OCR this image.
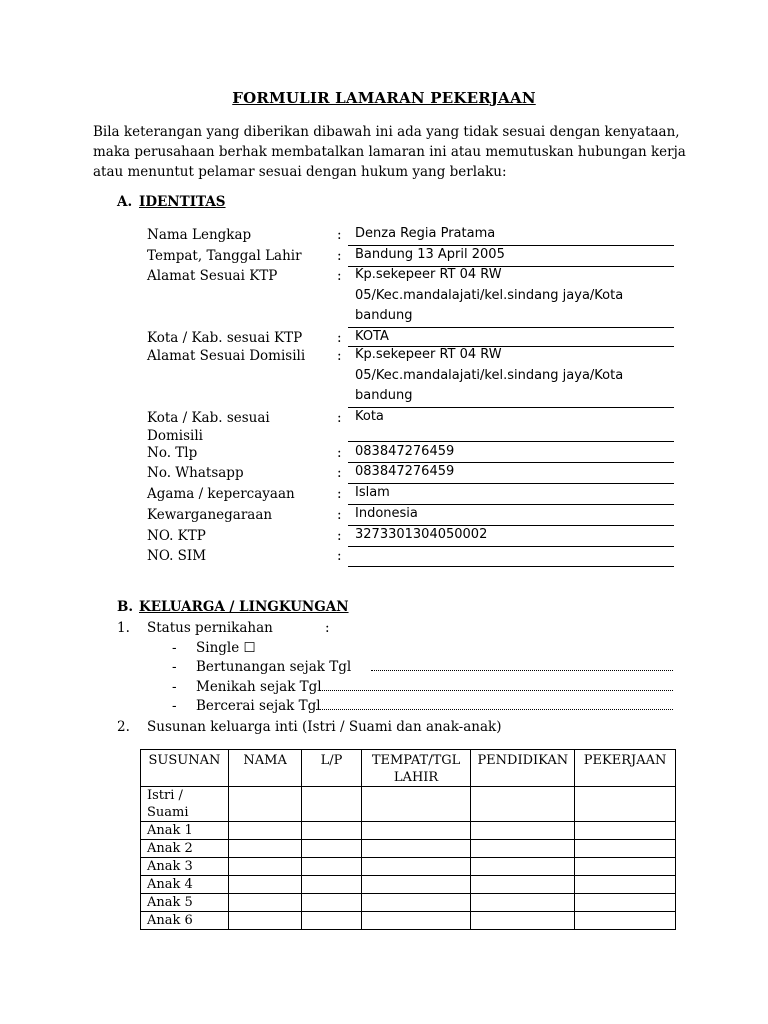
FORMULIR LAMARAN PEKERJAAN
Bila keterangan yang diberikan dibawah ini ada yang tidak sesuai dengan kenyataan,
maka perusahaan berhak membatalkan lamaran ini atau memutuskan hubungan kerja
atau menuntut pelamar sesuai dengan hukum yang berlaku:
A. IDENTITAS
Nama Lengkap	:	Denza Regia Pratama
Tempat, Tanggal Lahir	:	Bandung 13 April 2005
Alamat Sesuai KTP	:	Kp.sekepeer RT 04 RW
05/Kec.mandalajati/kel.sindang jaya/Kota
bandung
Kota / Kab. sesuai KTP	:	KOTA
Alamat Sesuai Domisili :	Kp.sekepeer RT 04 RW
05/Kec.mandalajati/kel.sindang jaya/Kota
bandung
Kota / Kab. sesuai
Domisili
:	Kota
No. Tlp	:	083847276459
No. Whatsapp	:	083847276459
Agama / kepercayaan	:	Islam
Kewarganegaraan	:	Indonesia
NO. KTP	:	3273301304050002
NO. SIM	:
B. KELUARGA / LINGKUNGAN
1. Status pernikahan	:
- Single ☐
- Bertunangan sejak Tgl
- Menikah sejak Tgl
- Bercerai sejak Tgl
2. Susunan keluarga inti (Istri / Suami dan anak-anak)
SUSUNAN	NAMA	L/P	TEMPAT/TGL LAHIR	PENDIDIKAN	PEKERJAAN
Istri / Suami					
Anak 1					
Anak 2					
Anak 3					
Anak 4					
Anak 5					
Anak 6					
